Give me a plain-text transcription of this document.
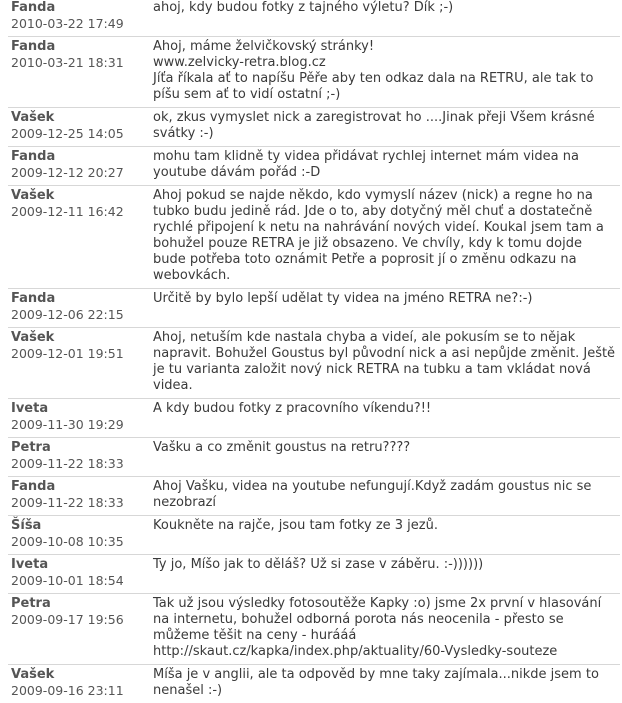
Fanda
2010-03-22 17:49	ahoj, kdy budou fotky z tajného výletu? Dík ;-)

Fanda
2010-03-21 18:31	Ahoj, máme želvičkovský stránky!
www.zelvicky-retra.blog.cz
Jíťa říkala ať to napíšu Pěře aby ten odkaz dala na RETRU, ale tak to píšu sem ať to vidí ostatní ;-)

Vašek
2009-12-25 14:05	ok, zkus vymyslet nick a zaregistrovat ho ....Jinak přeji Všem krásné svátky :-)

Fanda
2009-12-12 20:27	mohu tam klidně ty videa přidávat rychlej internet mám videa na youtube dávám pořád :-D

Vašek
2009-12-11 16:42	Ahoj pokud se najde někdo, kdo vymyslí název (nick) a regne ho na tubko budu jedině rád. Jde o to, aby dotyčný měl chuť a dostatečně rychlé připojení k netu na nahrávání nových videí. Koukal jsem tam a bohužel pouze RETRA je již obsazeno. Ve chvíly, kdy k tomu dojde bude potřeba toto oznámit Petře a poprosit jí o změnu odkazu na webovkách.

Fanda
2009-12-06 22:15	Určitě by bylo lepší udělat ty videa na jméno RETRA ne?:-)

Vašek
2009-12-01 19:51	Ahoj, netuším kde nastala chyba a videí, ale pokusím se to nějak napravit. Bohužel Goustus byl původní nick a asi nepůjde změnit. Ještě je tu varianta založit nový nick RETRA na tubku a tam vkládat nová videa.

Iveta
2009-11-30 19:29	A kdy budou fotky z pracovního víkendu?!!

Petra
2009-11-22 18:33	Vašku a co změnit goustus na retru????

Fanda
2009-11-22 18:33	Ahoj Vašku, videa na youtube nefungují.Když zadám goustus nic se nezobrazí

Šíša
2009-10-08 10:35	Koukněte na rajče, jsou tam fotky ze 3 jezů.

Iveta
2009-10-01 18:54	Ty jo, Míšo jak to děláš? Už si zase v záběru. :-))))))

Petra
2009-09-17 19:56	Tak už jsou výsledky fotosoutěže Kapky :o) jsme 2x první v hlasování na internetu, bohužel odborná porota nás neocenila - přesto se můžeme těšit na ceny - hurááá http://skaut.cz/kapka/index.php/aktuality/60-Vysledky-souteze

Vašek
2009-09-16 23:11	Míša je v anglii, ale ta odpověd by mne taky zajímala...nikde jsem to nenašel :-)
